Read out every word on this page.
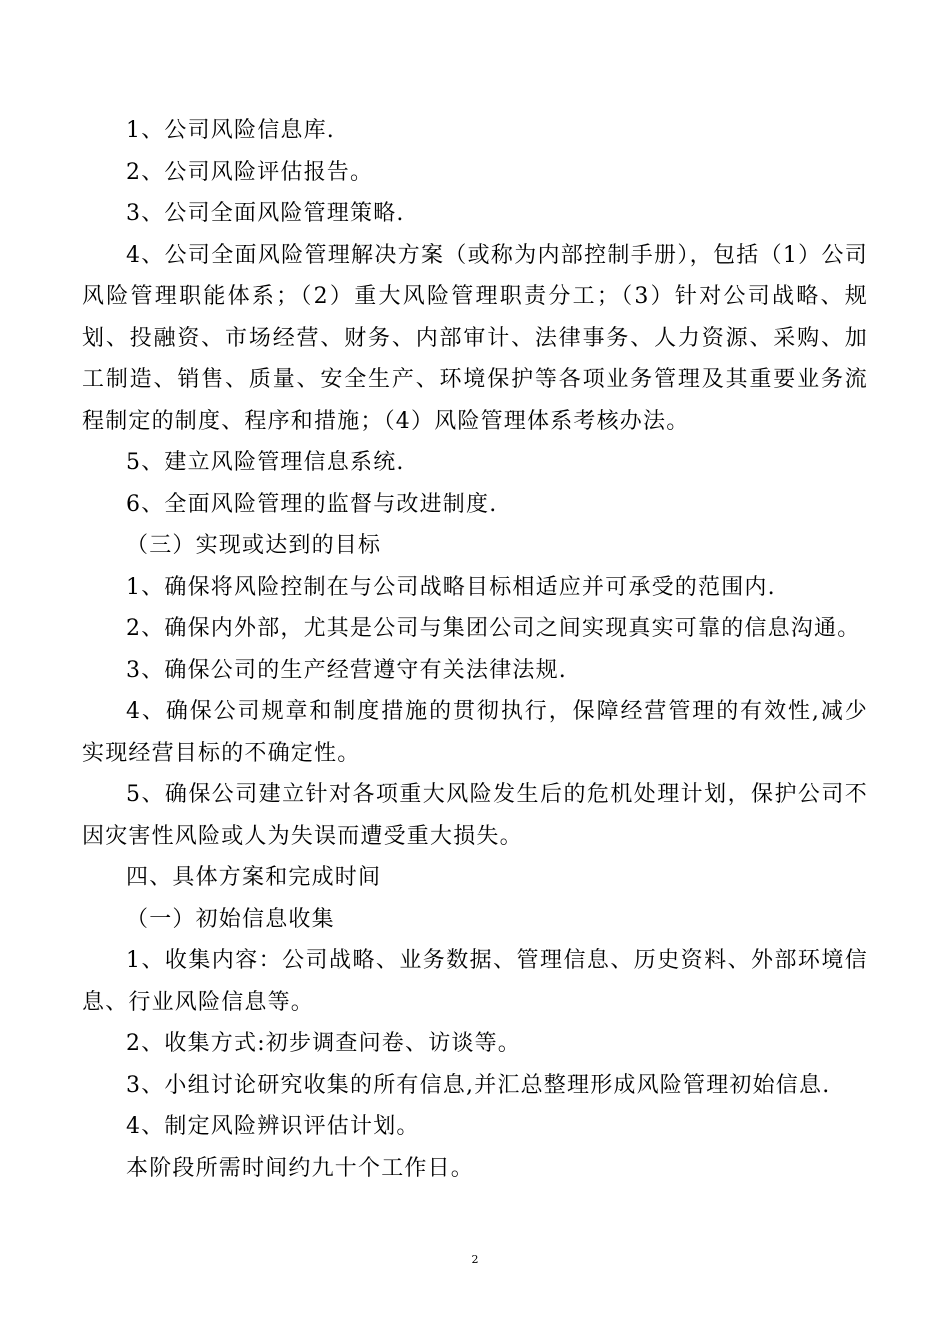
1、公司风险信息库.

2、公司风险评估报告。

3、公司全面风险管理策略.

4、公司全面风险管理解决方案（或称为内部控制手册），包括（1）公司风险管理职能体系；（2）重大风险管理职责分工；（3）针对公司战略、规划、投融资、市场经营、财务、内部审计、法律事务、人力资源、采购、加工制造、销售、质量、安全生产、环境保护等各项业务管理及其重要业务流程制定的制度、程序和措施；（4）风险管理体系考核办法。

5、建立风险管理信息系统.

6、全面风险管理的监督与改进制度.

（三）实现或达到的目标

1、确保将风险控制在与公司战略目标相适应并可承受的范围内.

2、确保内外部，尤其是公司与集团公司之间实现真实可靠的信息沟通。

3、确保公司的生产经营遵守有关法律法规.

4、确保公司规章和制度措施的贯彻执行，保障经营管理的有效性,减少实现经营目标的不确定性。

5、确保公司建立针对各项重大风险发生后的危机处理计划，保护公司不因灾害性风险或人为失误而遭受重大损失。

四、具体方案和完成时间

（一）初始信息收集

1、收集内容：公司战略、业务数据、管理信息、历史资料、外部环境信息、行业风险信息等。

2、收集方式:初步调查问卷、访谈等。

3、小组讨论研究收集的所有信息,并汇总整理形成风险管理初始信息.

4、制定风险辨识评估计划。

本阶段所需时间约九十个工作日。

2
